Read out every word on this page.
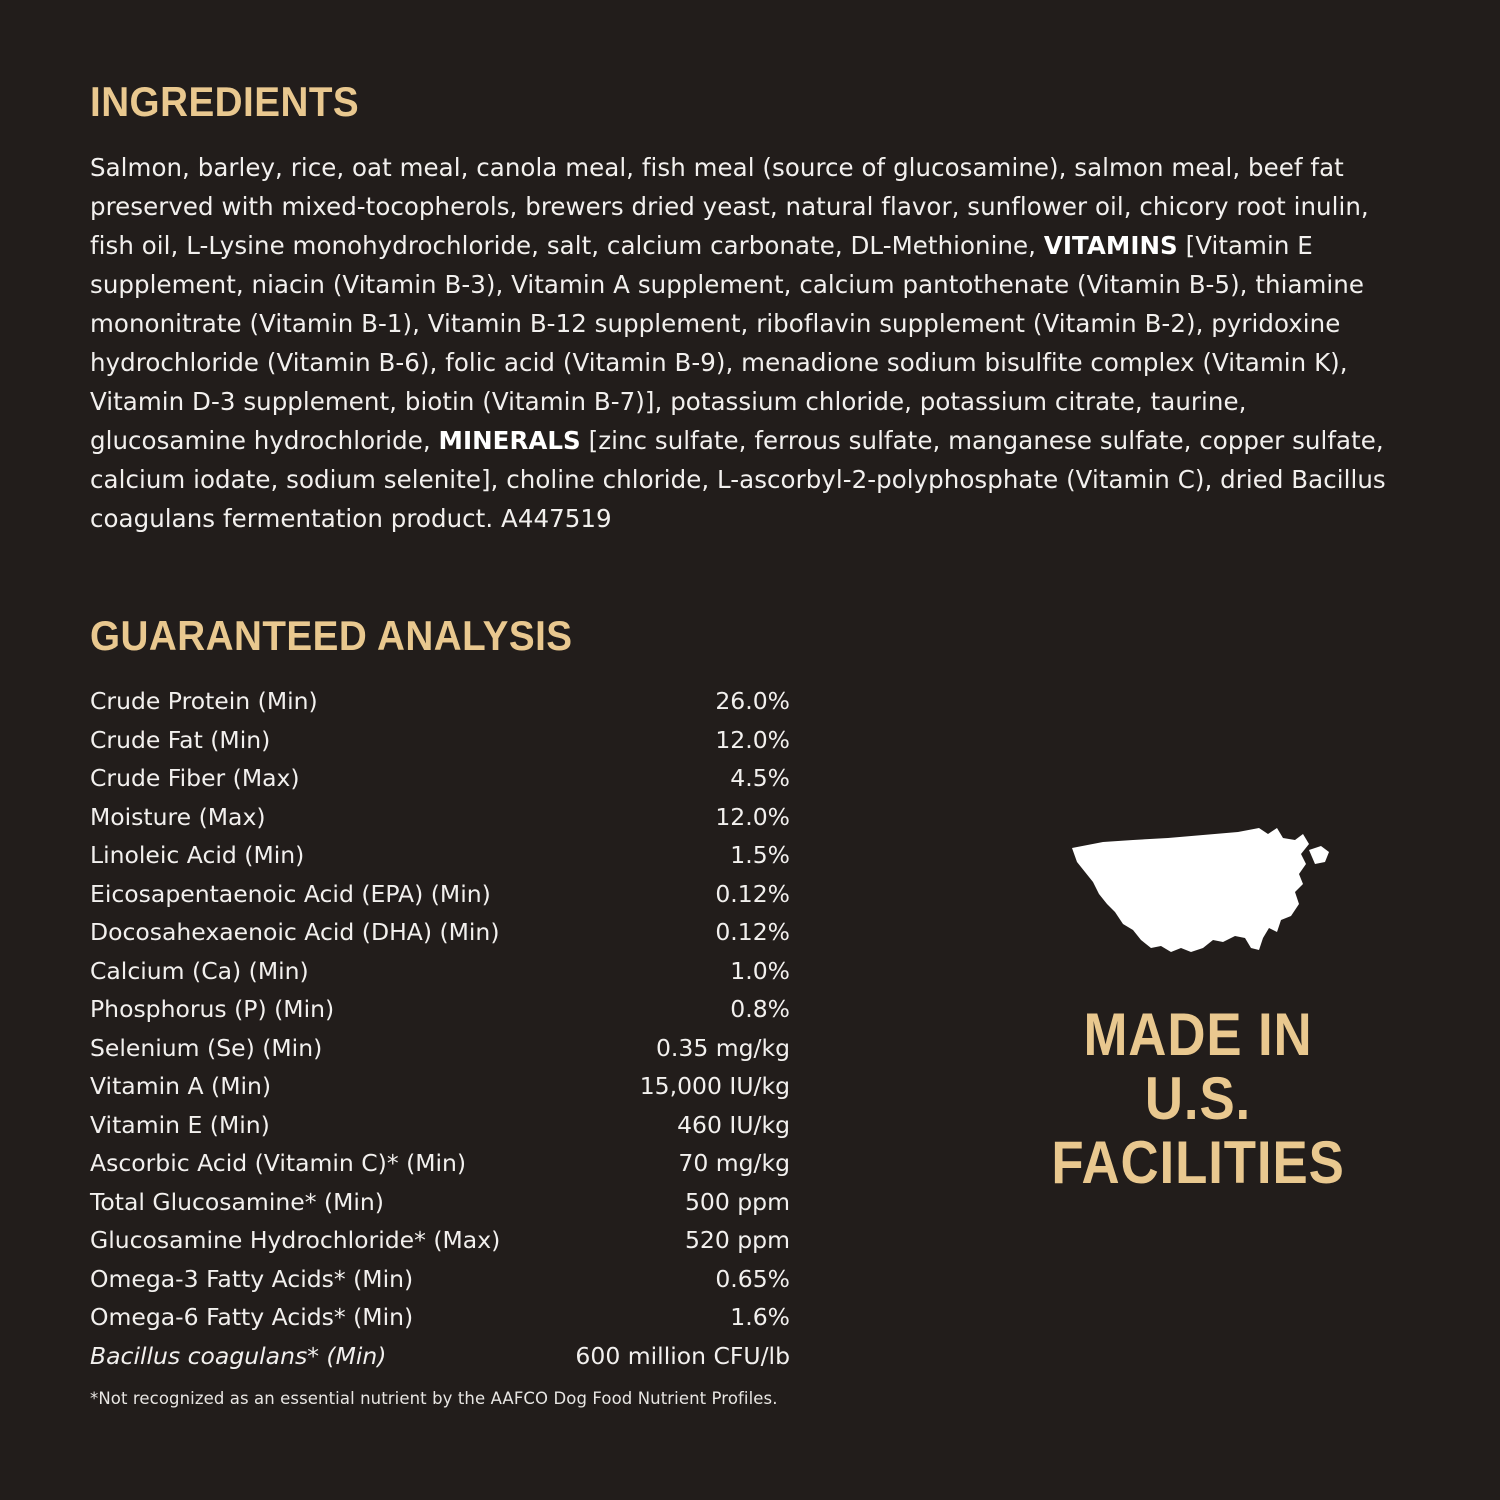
INGREDIENTS
Salmon, barley, rice, oat meal, canola meal, fish meal (source of glucosamine), salmon meal, beef fat preserved with mixed-tocopherols, brewers dried yeast, natural flavor, sunflower oil, chicory root inulin, fish oil, L-Lysine monohydrochloride, salt, calcium carbonate, DL-Methionine, VITAMINS [Vitamin E supplement, niacin (Vitamin B-3), Vitamin A supplement, calcium pantothenate (Vitamin B-5), thiamine mononitrate (Vitamin B-1), Vitamin B-12 supplement, riboflavin supplement (Vitamin B-2), pyridoxine hydrochloride (Vitamin B-6), folic acid (Vitamin B-9), menadione sodium bisulfite complex (Vitamin K), Vitamin D-3 supplement, biotin (Vitamin B-7)], potassium chloride, potassium citrate, taurine, glucosamine hydrochloride, MINERALS [zinc sulfate, ferrous sulfate, manganese sulfate, copper sulfate, calcium iodate, sodium selenite], choline chloride, L-ascorbyl-2-polyphosphate (Vitamin C), dried Bacillus coagulans fermentation product. A447519
GUARANTEED ANALYSIS
Crude Protein (Min)	26.0%
Crude Fat (Min)	12.0%
Crude Fiber (Max)	4.5%
Moisture (Max)	12.0%
Linoleic Acid (Min)	1.5%
Eicosapentaenoic Acid (EPA) (Min)	0.12%
Docosahexaenoic Acid (DHA) (Min)	0.12%
Calcium (Ca) (Min)	1.0%
Phosphorus (P) (Min)	0.8%
Selenium (Se) (Min)	0.35 mg/kg
Vitamin A (Min)	15,000 IU/kg
Vitamin E (Min)	460 IU/kg
Ascorbic Acid (Vitamin C)* (Min)	70 mg/kg
Total Glucosamine* (Min)	500 ppm
Glucosamine Hydrochloride* (Max)	520 ppm
Omega-3 Fatty Acids* (Min)	0.65%
Omega-6 Fatty Acids* (Min)	1.6%
Bacillus coagulans* (Min)	600 million CFU/lb
*Not recognized as an essential nutrient by the AAFCO Dog Food Nutrient Profiles.
MADE IN
U.S.
FACILITIES
